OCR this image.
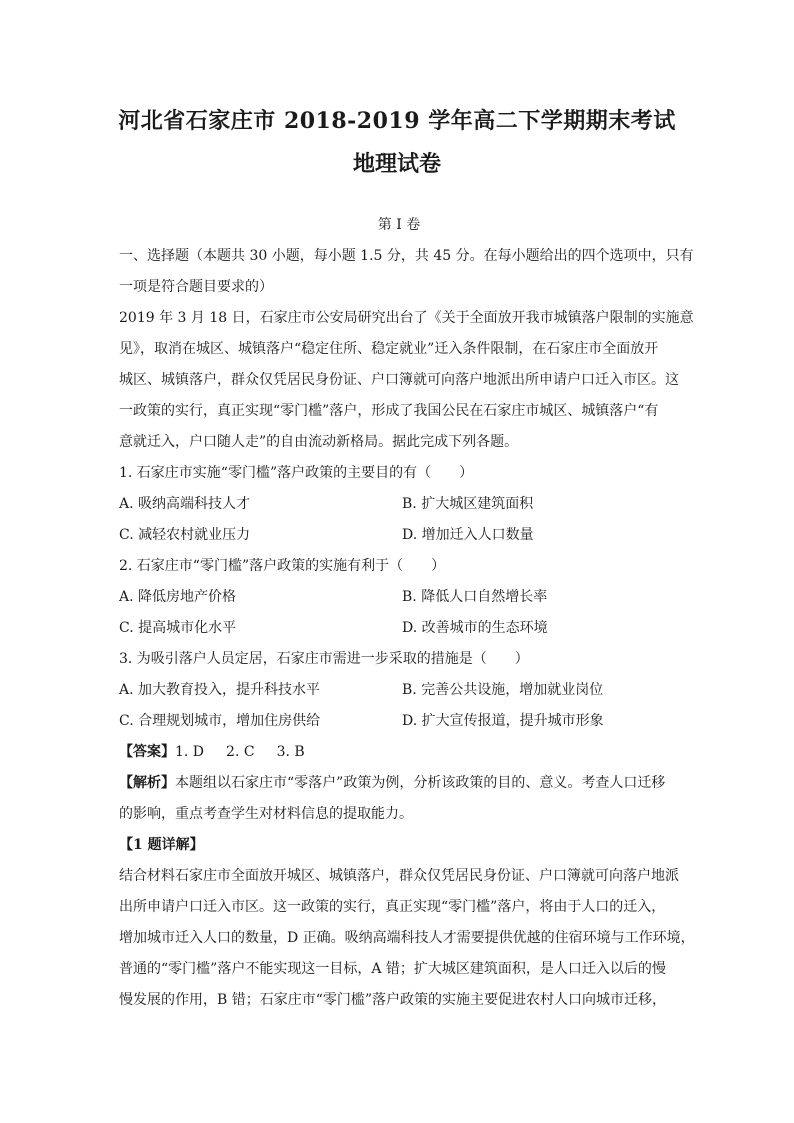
河北省石家庄市 2018-2019 学年高二下学期期末考试
地理试卷
第 I 卷
一、选择题（本题共 30 小题，每小题 1.5 分，共 45 分。在每小题给出的四个选项中，只有
一项是符合题目要求的）
2019 年 3 月 18 日，石家庄市公安局研究出台了《关于全面放开我市城镇落户限制的实施意
见》，取消在城区、城镇落户“稳定住所、稳定就业”迁入条件限制，在石家庄市全面放开
城区、城镇落户，群众仅凭居民身份证、户口簿就可向落户地派出所申请户口迁入市区。这
一政策的实行，真正实现“零门槛”落户，形成了我国公民在石家庄市城区、城镇落户“有
意就迁入，户口随人走”的自由流动新格局。据此完成下列各题。
1. 石家庄市实施“零门槛”落户政策的主要目的有（　　）
A. 吸纳高端科技人才	B. 扩大城区建筑面积
C. 减轻农村就业压力	D. 增加迁入人口数量
2. 石家庄市“零门槛”落户政策的实施有利于（　　）
A. 降低房地产价格	B. 降低人口自然增长率
C. 提高城市化水平	D. 改善城市的生态环境
3. 为吸引落户人员定居，石家庄市需进一步采取的措施是（　　）
A. 加大教育投入，提升科技水平	B. 完善公共设施，增加就业岗位
C. 合理规划城市，增加住房供给	D. 扩大宣传报道，提升城市形象
【答案】1. D 2. C 3. B
【解析】本题组以石家庄市“零落户”政策为例，分析该政策的目的、意义。考查人口迁移
的影响，重点考查学生对材料信息的提取能力。
【1 题详解】
结合材料石家庄市全面放开城区、城镇落户，群众仅凭居民身份证、户口簿就可向落户地派
出所申请户口迁入市区。这一政策的实行，真正实现“零门槛”落户，将由于人口的迁入，
增加城市迁入人口的数量，D 正确。吸纳高端科技人才需要提供优越的住宿环境与工作环境，
普通的“零门槛”落户不能实现这一目标，A 错；扩大城区建筑面积，是人口迁入以后的慢
慢发展的作用，B 错；石家庄市“零门槛”落户政策的实施主要促进农村人口向城市迁移，
